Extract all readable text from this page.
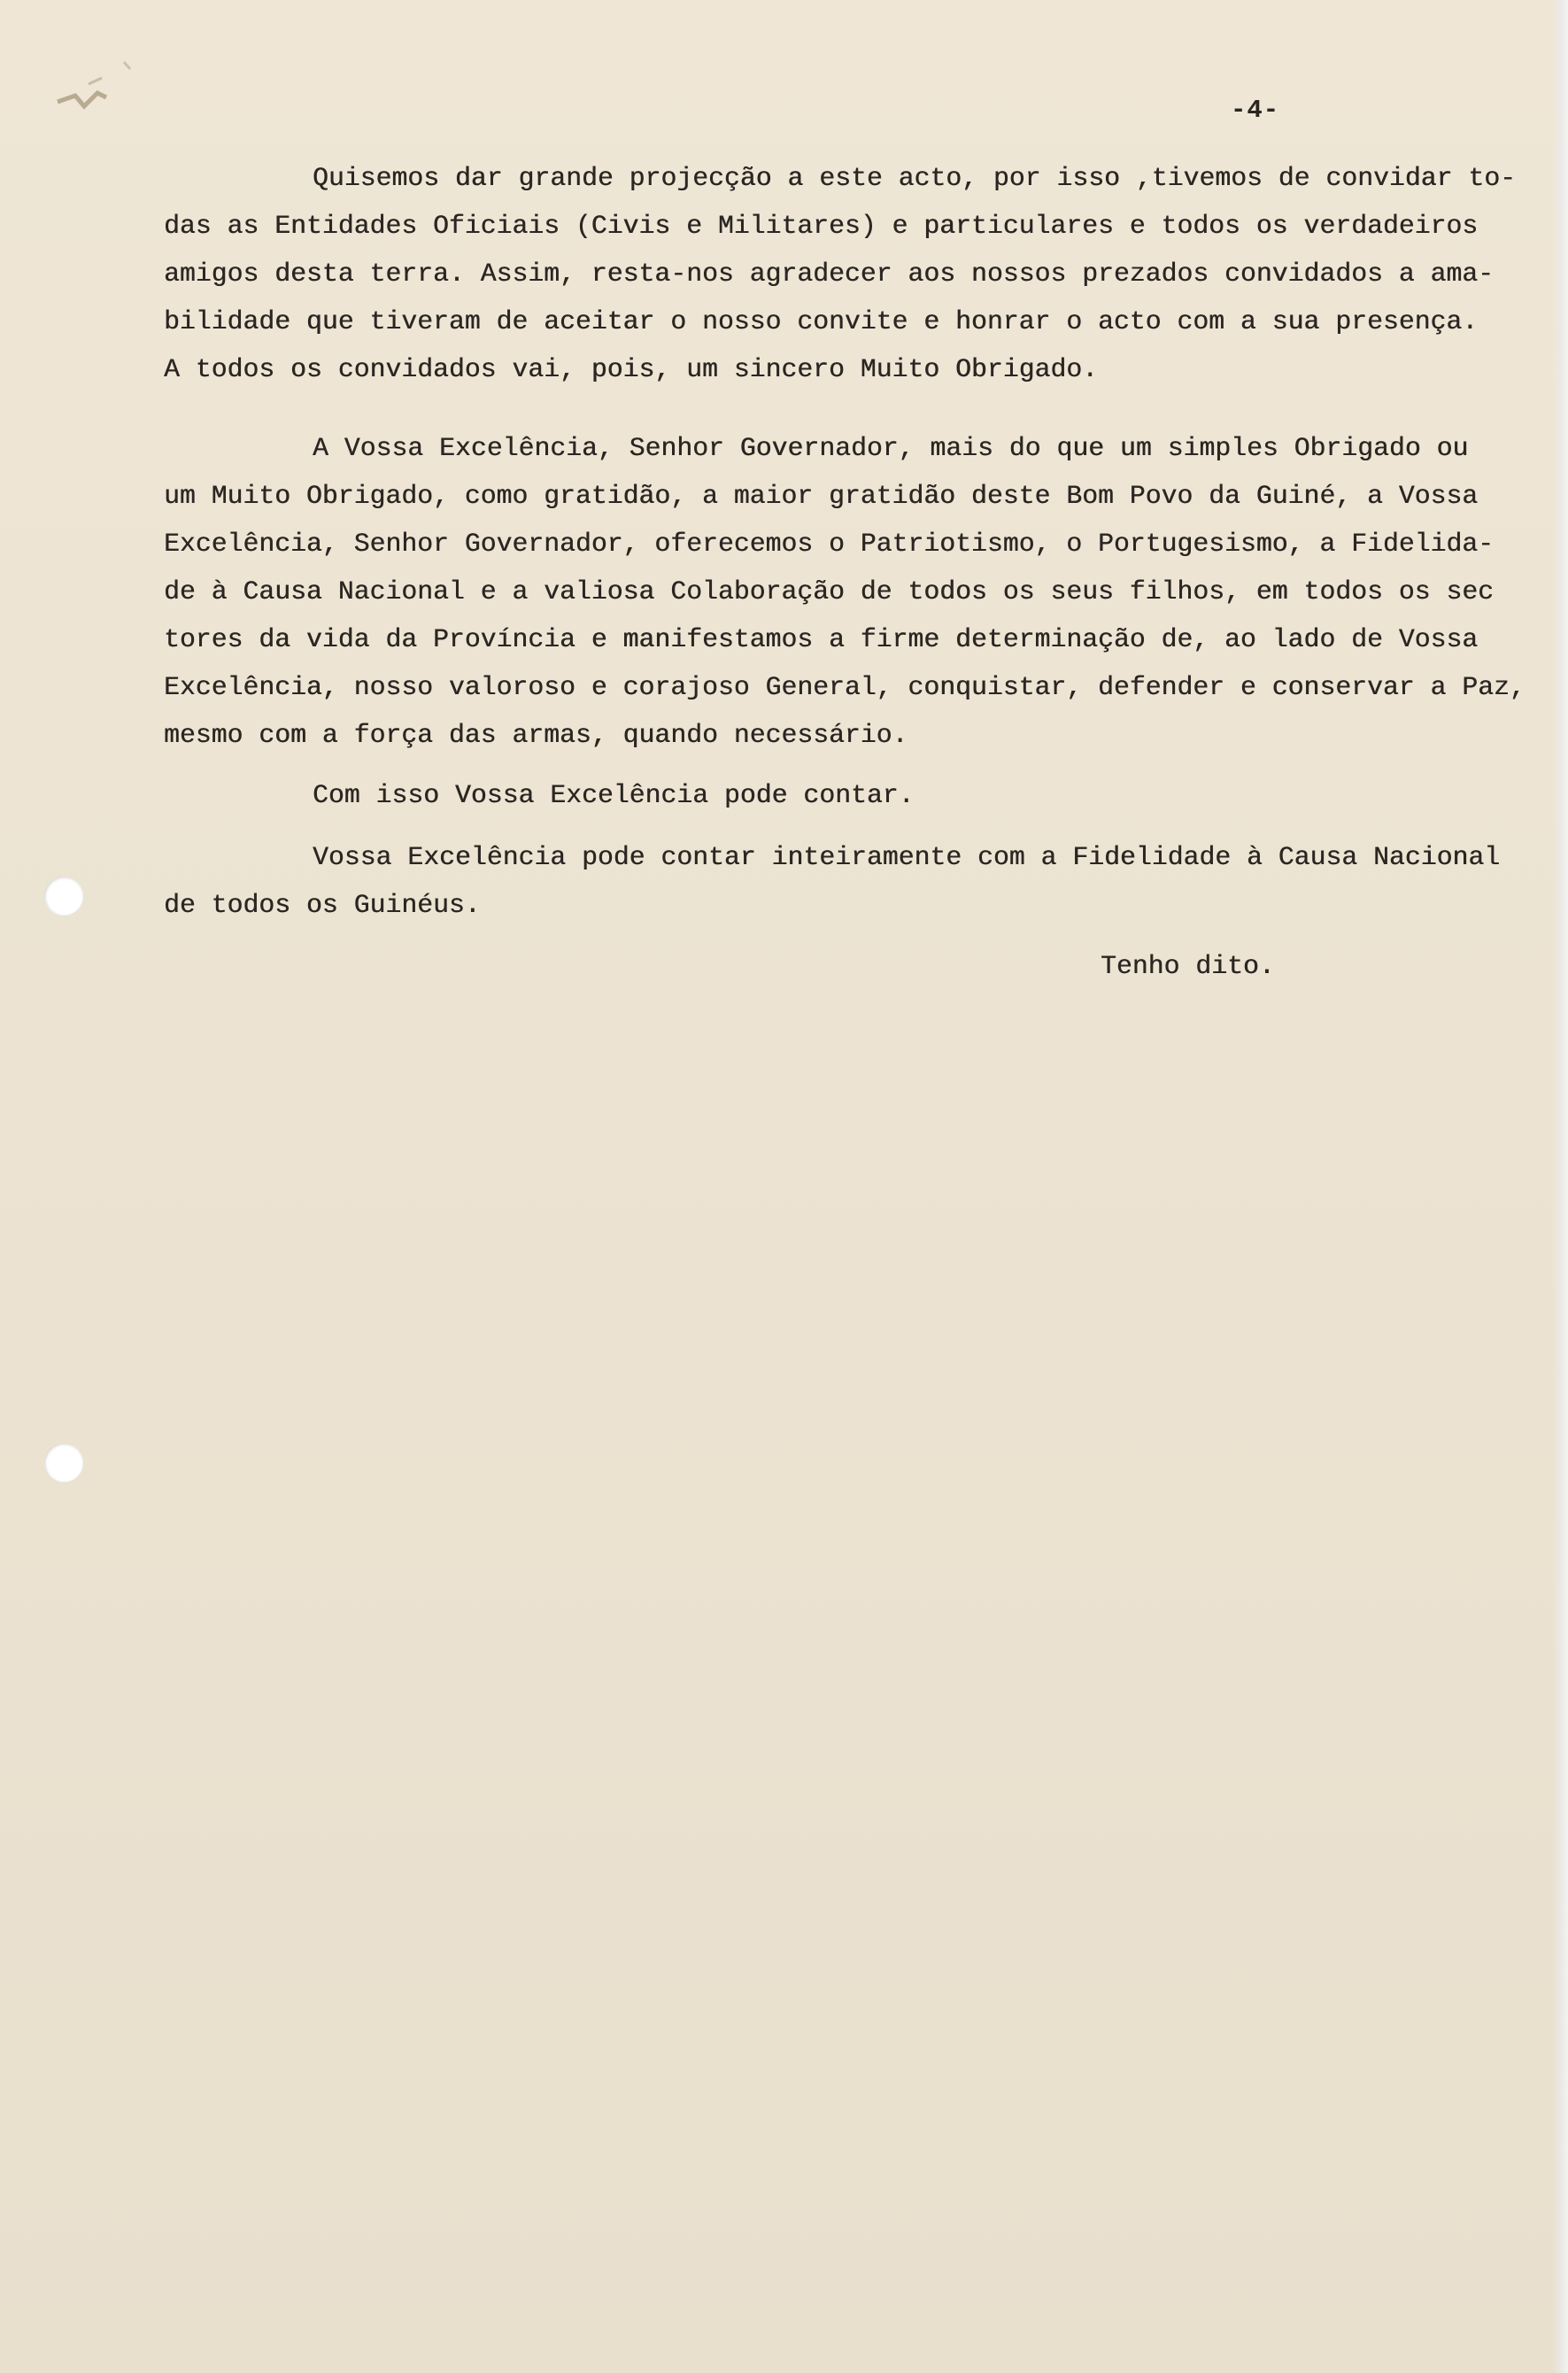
-4-
Quisemos dar grande projecção a este acto, por isso ,tivemos de convidar to-
das as Entidades Oficiais (Civis e Militares) e particulares e todos os verdadeiros
amigos desta terra. Assim, resta-nos agradecer aos nossos prezados convidados a ama-
bilidade que tiveram de aceitar o nosso convite e honrar o acto com a sua presença.
A todos os convidados vai, pois, um sincero Muito Obrigado.
A Vossa Excelência, Senhor Governador, mais do que um simples Obrigado ou
um Muito Obrigado, como gratidão, a maior gratidão deste Bom Povo da Guiné, a Vossa
Excelência, Senhor Governador, oferecemos o Patriotismo, o Portugesismo, a Fidelida-
de à Causa Nacional e a valiosa Colaboração de todos os seus filhos, em todos os sec
tores da vida da Província e manifestamos a firme determinação de, ao lado de Vossa
Excelência, nosso valoroso e corajoso General, conquistar, defender e conservar a Paz,
mesmo com a força das armas, quando necessário.
Com isso Vossa Excelência pode contar.
Vossa Excelência pode contar inteiramente com a Fidelidade à Causa Nacional
de todos os Guinéus.
Tenho dito.
